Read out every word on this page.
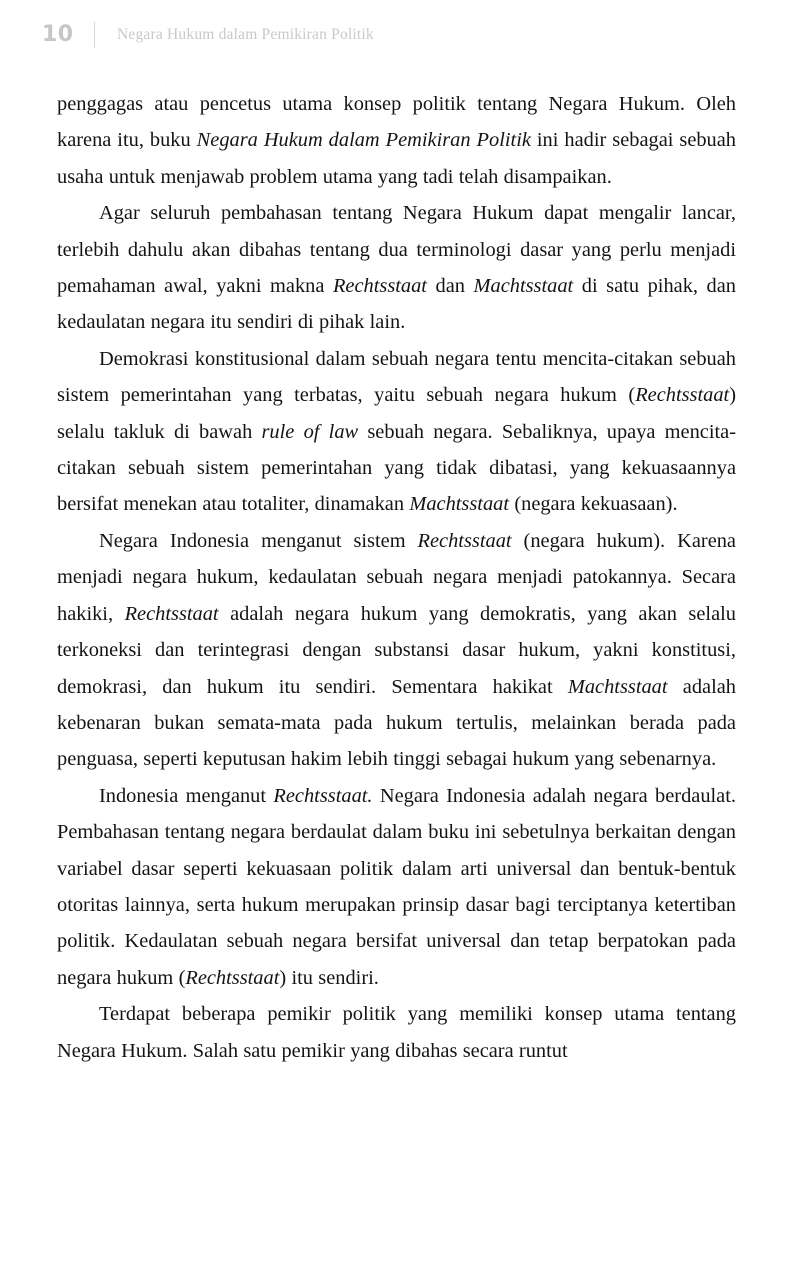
10	Negara Hukum dalam Pemikiran Politik

penggagas atau pencetus utama konsep politik tentang Negara Hukum. Oleh karena itu, buku Negara Hukum dalam Pemikiran Politik ini hadir sebagai sebuah usaha untuk menjawab problem utama yang tadi telah disampaikan.

Agar seluruh pembahasan tentang Negara Hukum dapat mengalir lancar, terlebih dahulu akan dibahas tentang dua terminologi dasar yang perlu menjadi pemahaman awal, yakni makna Rechtsstaat dan Machtsstaat di satu pihak, dan kedaulatan negara itu sendiri di pihak lain.

Demokrasi konstitusional dalam sebuah negara tentu mencita-citakan sebuah sistem pemerintahan yang terbatas, yaitu sebuah negara hukum (Rechtsstaat) selalu takluk di bawah rule of law sebuah negara. Sebaliknya, upaya mencita-citakan sebuah sistem pemerintahan yang tidak dibatasi, yang kekuasaannya bersifat menekan atau totaliter, dinamakan Machtsstaat (negara kekuasaan).

Negara Indonesia menganut sistem Rechtsstaat (negara hukum). Karena menjadi negara hukum, kedaulatan sebuah negara menjadi patokannya. Secara hakiki, Rechtsstaat adalah negara hukum yang demokratis, yang akan selalu terkoneksi dan terintegrasi dengan substansi dasar hukum, yakni konstitusi, demokrasi, dan hukum itu sendiri. Sementara hakikat Machtsstaat adalah kebenaran bukan semata-mata pada hukum tertulis, melainkan berada pada penguasa, seperti keputusan hakim lebih tinggi sebagai hukum yang sebenarnya.

Indonesia menganut Rechtsstaat. Negara Indonesia adalah negara berdaulat. Pembahasan tentang negara berdaulat dalam buku ini sebetulnya berkaitan dengan variabel dasar seperti kekuasaan politik dalam arti universal dan bentuk-bentuk otoritas lainnya, serta hukum merupakan prinsip dasar bagi terciptanya ketertiban politik. Kedaulatan sebuah negara bersifat universal dan tetap berpatokan pada negara hukum (Rechtsstaat) itu sendiri.

Terdapat beberapa pemikir politik yang memiliki konsep utama tentang Negara Hukum. Salah satu pemikir yang dibahas secara runtut
